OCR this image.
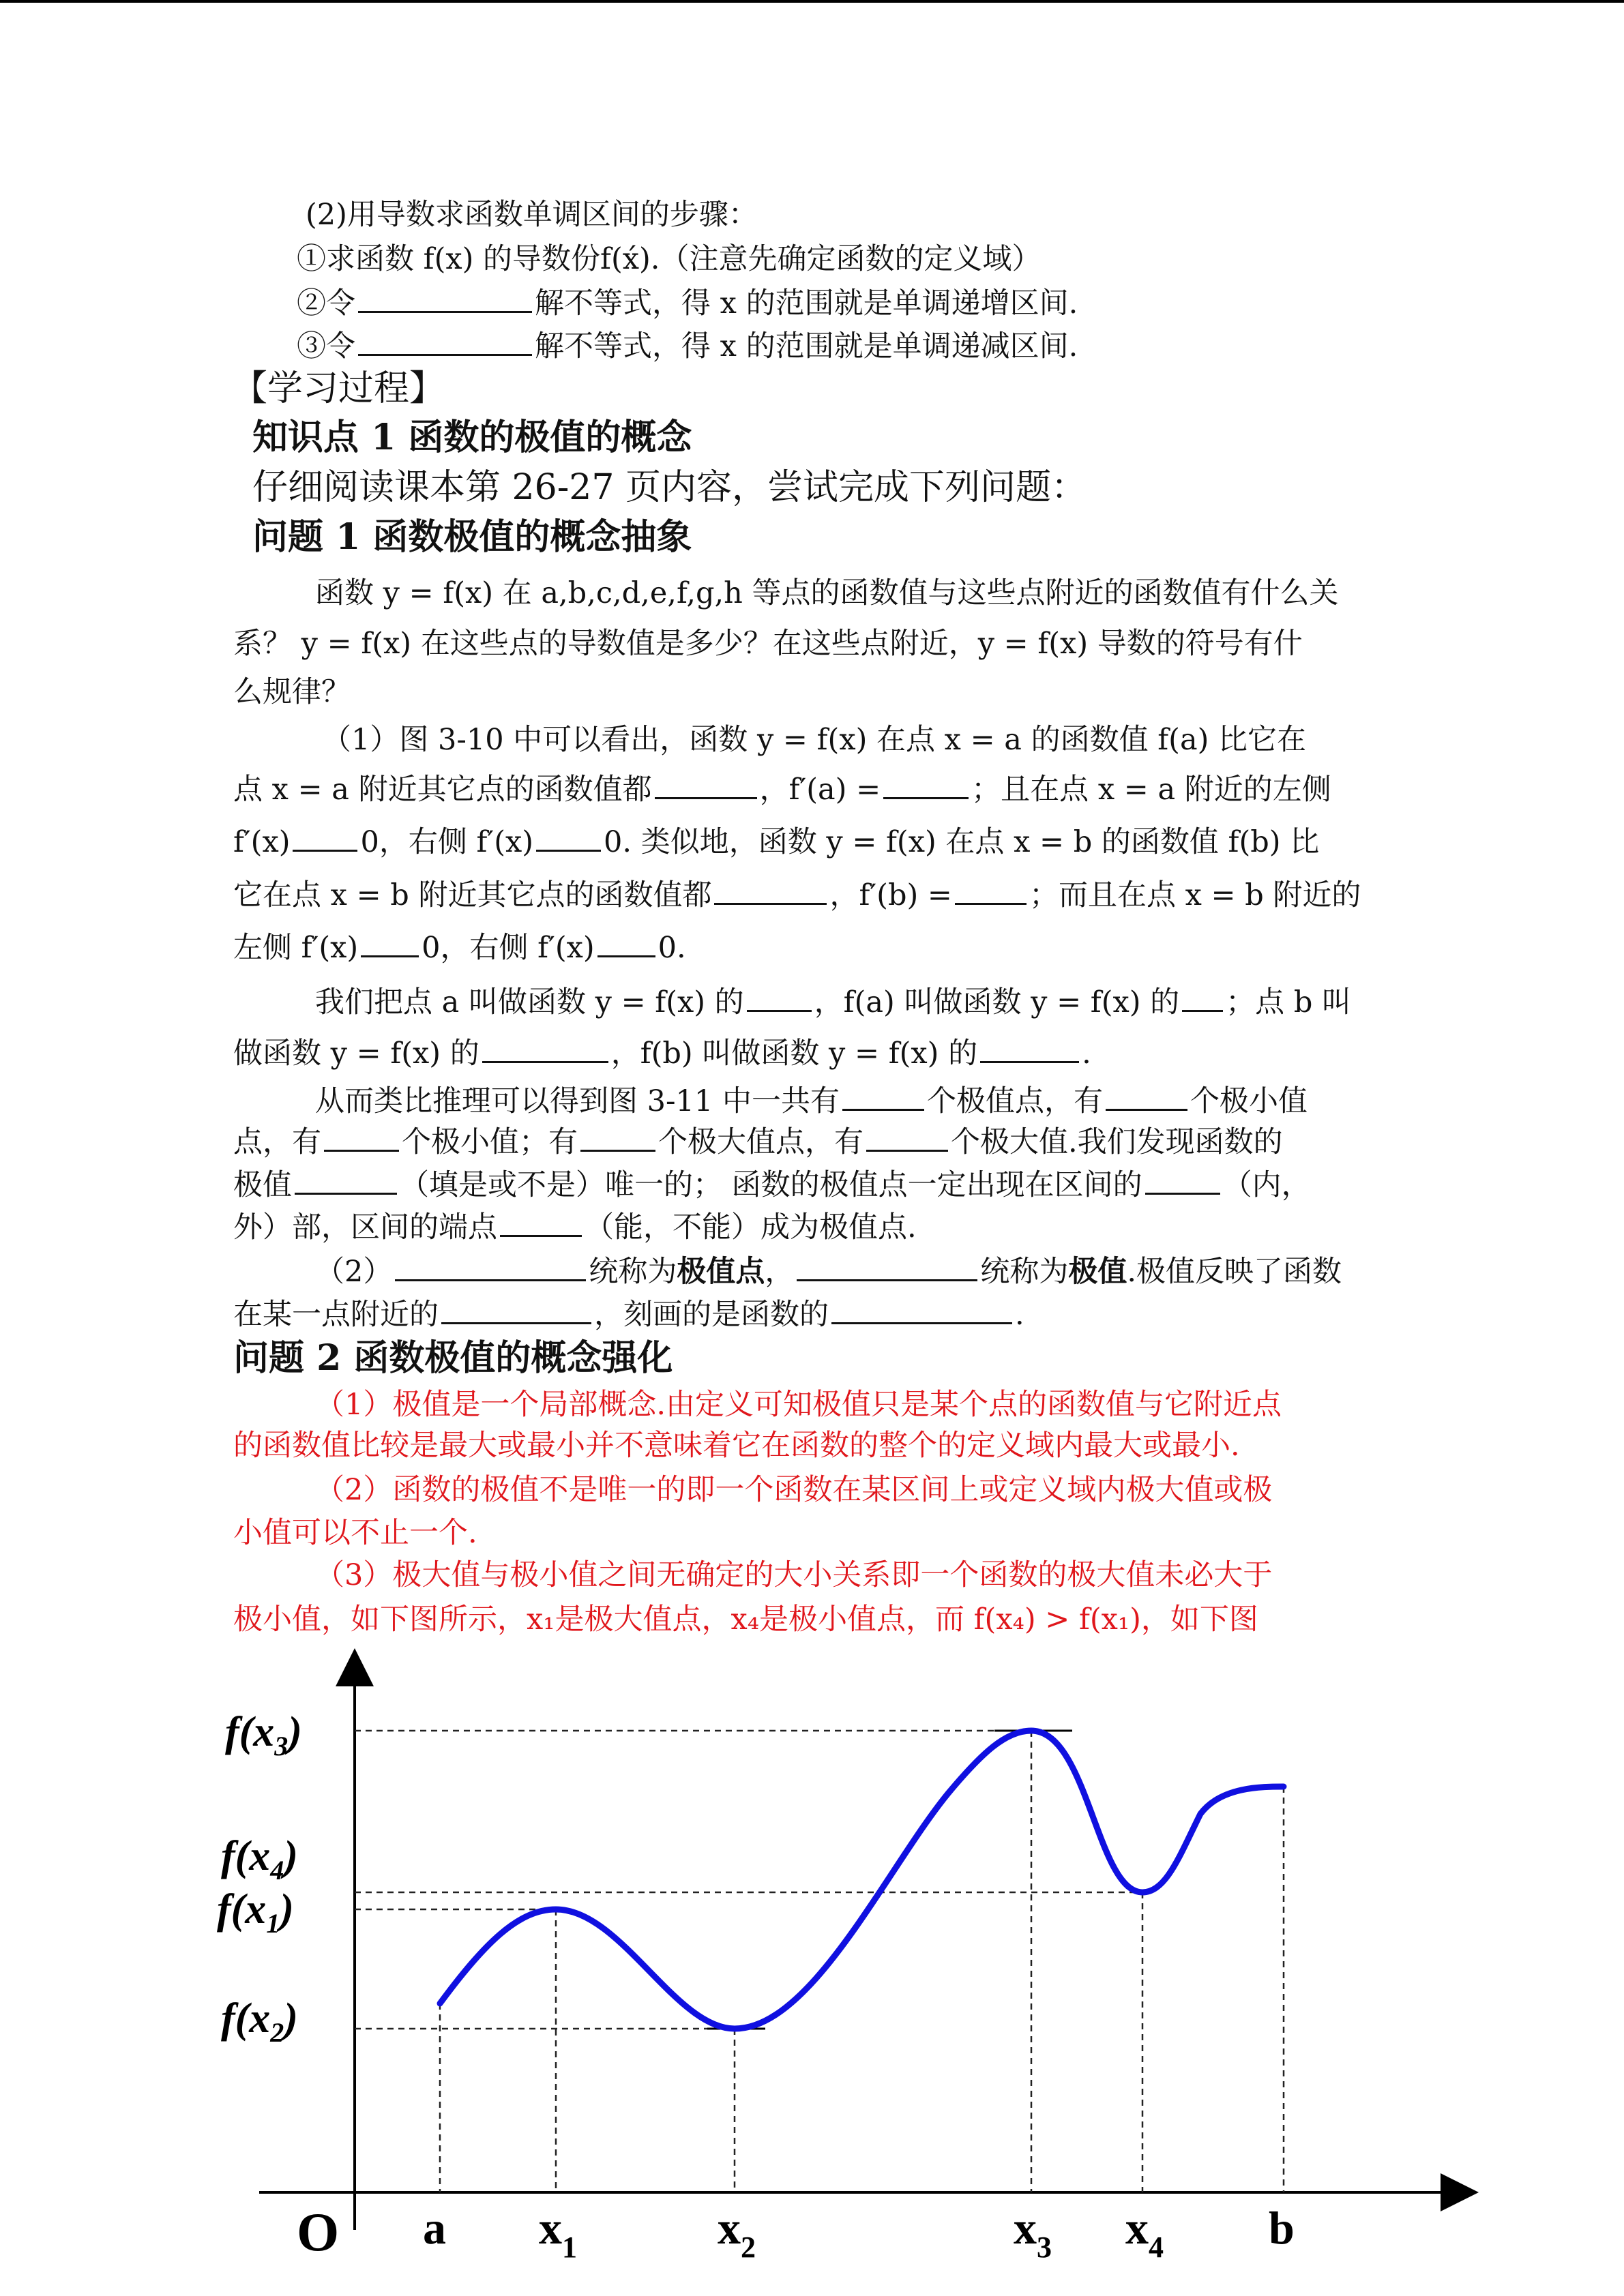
(2)用导数求函数单调区间的步骤：
①求函数 f(x) 的导数份f(x́).（注意先确定函数的定义域）
②令	解不等式，得 x 的范围就是单调递增区间.
③令	解不等式，得 x 的范围就是单调递减区间.
【学习过程】
知识点 1 函数的极值的概念
仔细阅读课本第 26-27 页内容，尝试完成下列问题：
问题 1 函数极值的概念抽象
函数 y = f(x) 在 a,b,c,d,e,f,g,h 等点的函数值与这些点附近的函数值有什么关
系？ y = f(x) 在这些点的导数值是多少？在这些点附近，y = f(x) 导数的符号有什
么规律？
（1）图 3-10 中可以看出，函数 y = f(x) 在点 x = a 的函数值 f(a) 比它在
点 x = a 附近其它点的函数值都	，f′(a) =	；且在点 x = a 附近的左侧
f′(x) 0，右侧 f′(x) 0. 类似地，函数 y = f(x) 在点 x = b 的函数值 f(b) 比
它在点 x = b 附近其它点的函数值都	，f′(b) =	；而且在点 x = b 附近的
左侧 f′(x) 0，右侧 f′(x) 0.
我们把点 a 叫做函数 y = f(x) 的 ，f(a) 叫做函数 y = f(x) 的 ；点 b 叫
做函数 y = f(x) 的	，f(b) 叫做函数 y = f(x) 的	.
从而类比推理可以得到图 3-11 中一共有	个极值点，有	个极小值
点，有	个极小值；有	个极大值点，有	个极大值.我们发现函数的
极值	（填是或不是）唯一的； 函数的极值点一定出现在区间的	（内，
外）部，区间的端点	（能，不能）成为极值点.
（2）	统称为极值点，	统称为极值.极值反映了函数
在某一点附近的	，刻画的是函数的	.
问题 2 函数极值的概念强化
（1）极值是一个局部概念.由定义可知极值只是某个点的函数值与它附近点
的函数值比较是最大或最小并不意味着它在函数的整个的定义域内最大或最小.
（2）函数的极值不是唯一的即一个函数在某区间上或定义域内极大值或极
小值可以不止一个.
（3）极大值与极小值之间无确定的大小关系即一个函数的极大值未必大于
极小值，如下图所示，x₁是极大值点，x₄是极小值点，而 f(x₄) > f(x₁)，如下图
$f(x_3)$
$f(x_4)$
$f(x_1)$
$f(x_2)$
O a $x_1$	$x_2$	$x_3$ $x_4$ b
